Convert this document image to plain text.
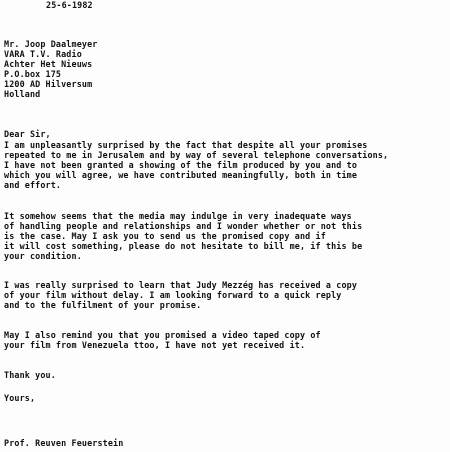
25-6-1982
Mr. Joop Daalmeyer
VARA T.V. Radio
Achter Het Nieuws
P.O.box 175
1200 AD Hilversum
Holland
Dear Sir,
I am unpleasantly surprised by the fact that despite all your promises
repeated to me in Jerusalem and by way of several telephone conversations,
I have not been granted a showing of the film produced by you and to
which you will agree, we have contributed meaningfully, both in time
and effort.
It somehow seems that the media may indulge in very inadequate ways
of handling people and relationships and I wonder whether or not this
is the case. May I ask you to send us the promised copy and if
it will cost something, please do not hesitate to bill me, if this be
your condition.
I was really surprised to learn that Judy Mezzég has received a copy
of your film without delay. I am looking forward to a quick reply
and to the fulfilment of your promise.
May I also remind you that you promised a video taped copy of
your film from Venezuela ttoo, I have not yet received it.
Thank you.
Yours,
Prof. Reuven Feuerstein
